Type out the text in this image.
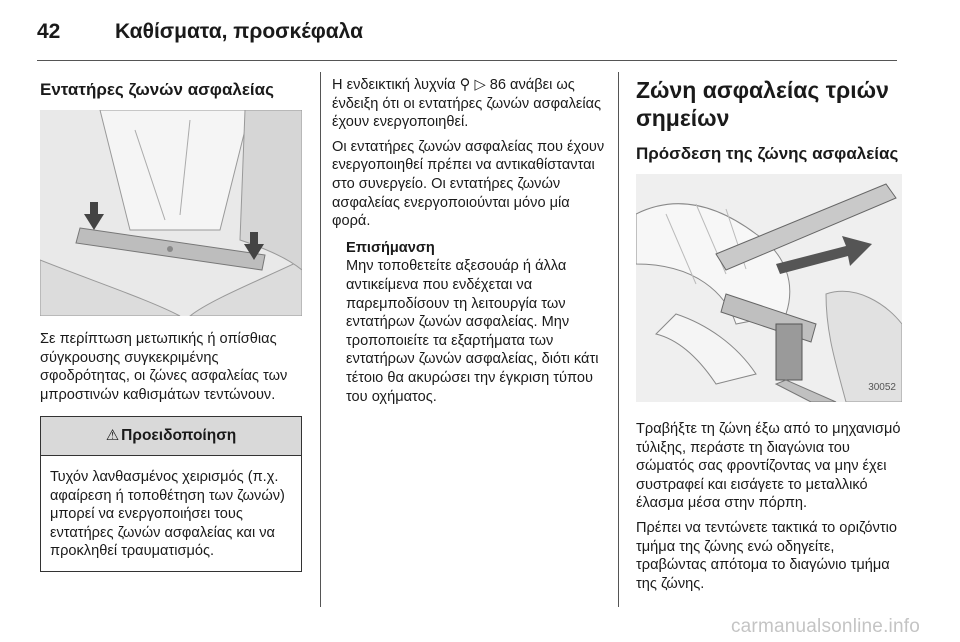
42	Καθίσματα, προσκέφαλα
Εντατήρες ζωνών ασφαλείας

Σε περίπτωση μετωπικής ή οπίσθιας σύγκρουσης συγκεκριμένης σφοδρότητας, οι ζώνες ασφαλείας των μπροστινών καθισμάτων τεντώνουν.

⚠ Προειδοποίηση
Τυχόν λανθασμένος χειρισμός (π.χ. αφαίρεση ή τοποθέτηση των ζωνών) μπορεί να ενεργοποιήσει τους εντατήρες ζωνών ασφαλείας και να προκληθεί τραυματισμός.

Η ενδεικτική λυχνία ⚲ ▷ 86 ανάβει ως ένδειξη ότι οι εντατήρες ζωνών ασφαλείας έχουν ενεργοποιηθεί.

Οι εντατήρες ζωνών ασφαλείας που έχουν ενεργοποιηθεί πρέπει να αντικαθίστανται στο συνεργείο. Οι εντατήρες ζωνών ασφαλείας ενεργοποιούνται μόνο μία φορά.

Επισήμανση
Μην τοποθετείτε αξεσουάρ ή άλλα αντικείμενα που ενδέχεται να παρεμποδίσουν τη λειτουργία των εντατήρων ζωνών ασφαλείας. Μην τροποποιείτε τα εξαρτήματα των εντατήρων ζωνών ασφαλείας, διότι κάτι τέτοιο θα ακυρώσει την έγκριση τύπου του οχήματος.
Ζώνη ασφαλείας τριών σημείων
Πρόσδεση της ζώνης ασφαλείας
30052

Τραβήξτε τη ζώνη έξω από το μηχανισμό τύλιξης, περάστε τη διαγώνια του σώματός σας φροντίζοντας να μην έχει συστραφεί και εισάγετε το μεταλλικό έλασμα μέσα στην πόρπη.

Πρέπει να τεντώνετε τακτικά το οριζόντιο τμήμα της ζώνης ενώ οδηγείτε, τραβώντας απότομα το διαγώνιο τμήμα της ζώνης.

carmanualsonline.info
